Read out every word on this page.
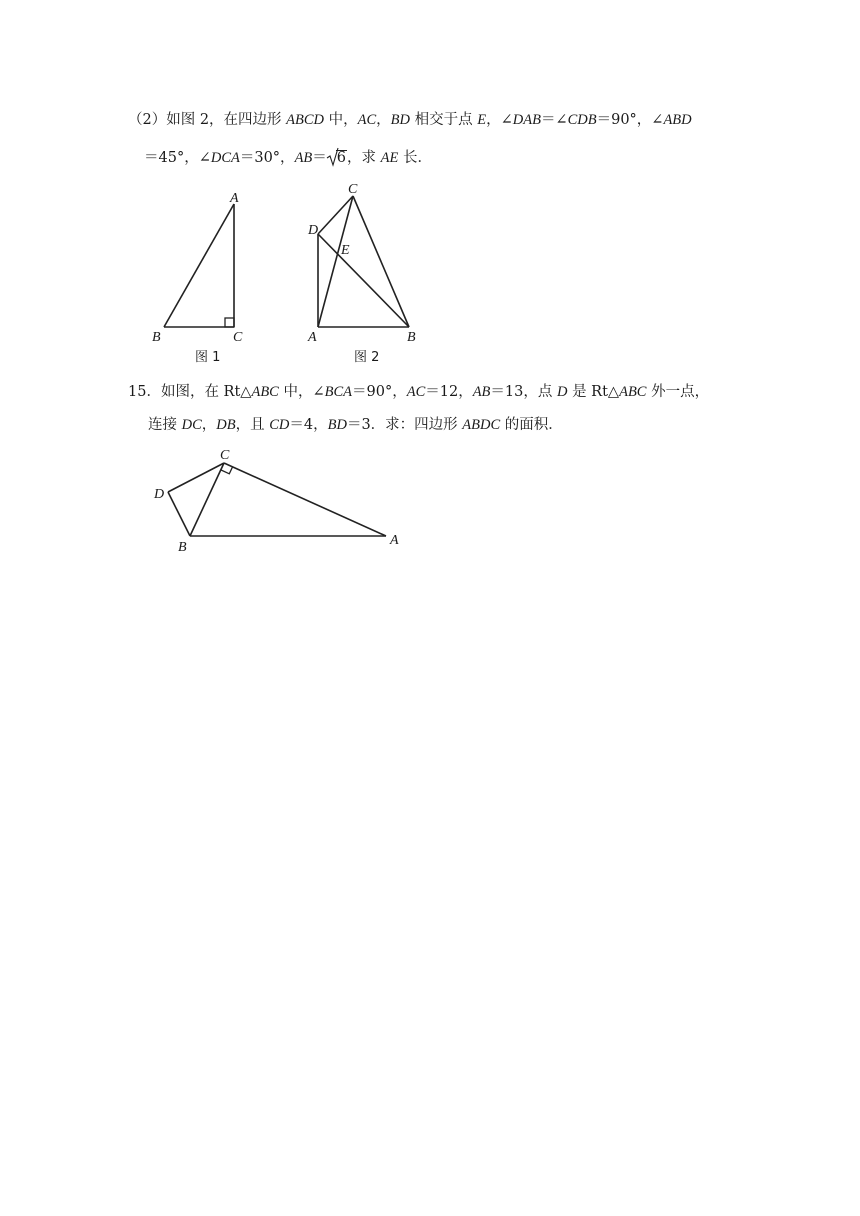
（2）如图 2，在四边形 ABCD 中，AC，BD 相交于点 E，∠DAB＝∠CDB＝90°，∠ABD
＝45°，∠DCA＝30°，AB＝ 6，求 AE 长．
A
B	C
图 1
C
D
E
A	B
图 2
15．如图，在 Rt△ABC 中，∠BCA＝90°，AC＝12，AB＝13，点 D 是 Rt△ABC 外一点，
连接 DC，DB，且 CD＝4，BD＝3．求：四边形 ABDC 的面积．
C
D
B	A
